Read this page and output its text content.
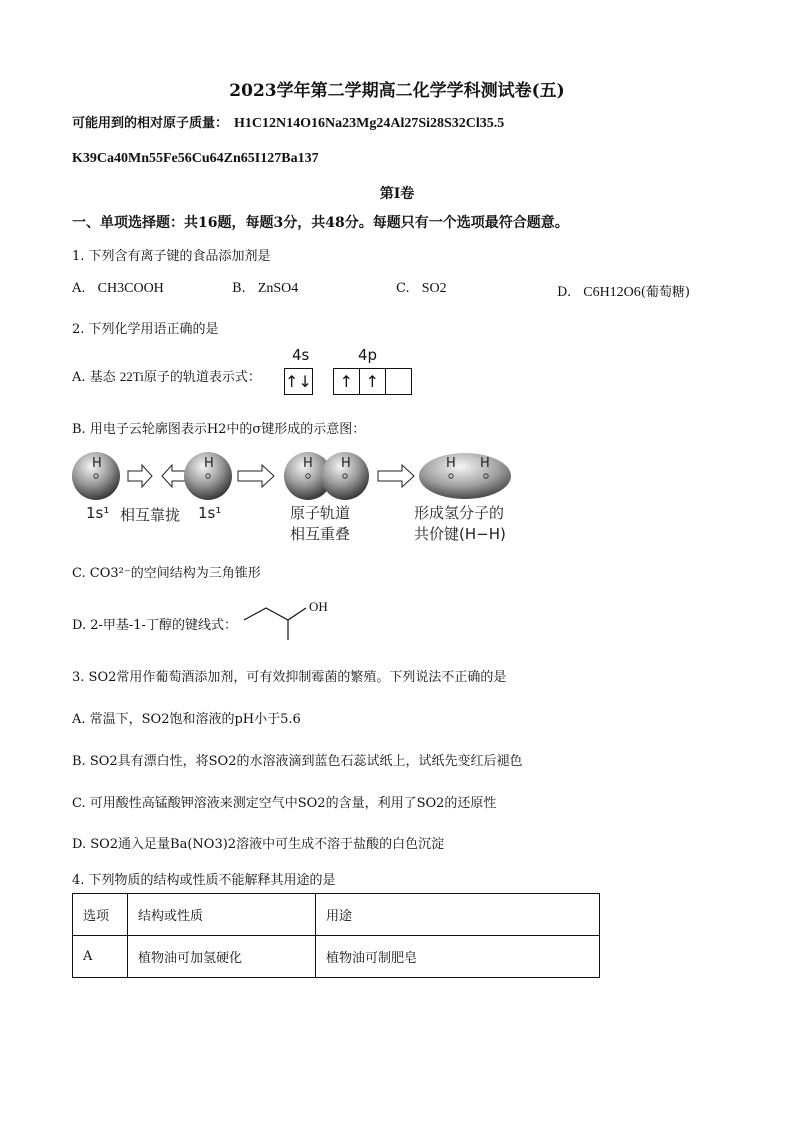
2023学年第二学期高二化学学科测试卷(五)
可能用到的相对原子质量： H1C12N14O16Na23Mg24Al27Si28S32Cl35.5
K39Ca40Mn55Fe56Cu64Zn65I127Ba137
第Ⅰ卷
一、单项选择题：共16题，每题3分，共48分。每题只有一个选项最符合题意。
1. 下列含有离子键的食品添加剂是
A. CH3COOH	B. ZnSO4	C. SO2	D. C6H12O6(葡萄糖)
2. 下列化学用语正确的是
A. 基态 22Ti原子的轨道表示式：
4s	4p
↑↓		↑	↑	
B. 用电子云轮廓图表示H2中的σ键形成的示意图：
H	H	H H	H H
1s¹ 相互靠拢 1s¹	原子轨道
相互重叠
形成氢分子的
共价键(H−H)
C. CO3²⁻的空间结构为三角锥形
D. 2-甲基-1-丁醇的键线式：
OH
3. SO2常用作葡萄酒添加剂，可有效抑制霉菌的繁殖。下列说法不正确的是
A. 常温下，SO2饱和溶液的pH小于5.6
B. SO2具有漂白性，将SO2的水溶液滴到蓝色石蕊试纸上，试纸先变红后褪色
C. 可用酸性高锰酸钾溶液来测定空气中SO2的含量，利用了SO2的还原性
D. SO2通入足量Ba(NO3)2溶液中可生成不溶于盐酸的白色沉淀
4. 下列物质的结构或性质不能解释其用途的是
选项	结构或性质	用途
A	植物油可加氢硬化	植物油可制肥皂
